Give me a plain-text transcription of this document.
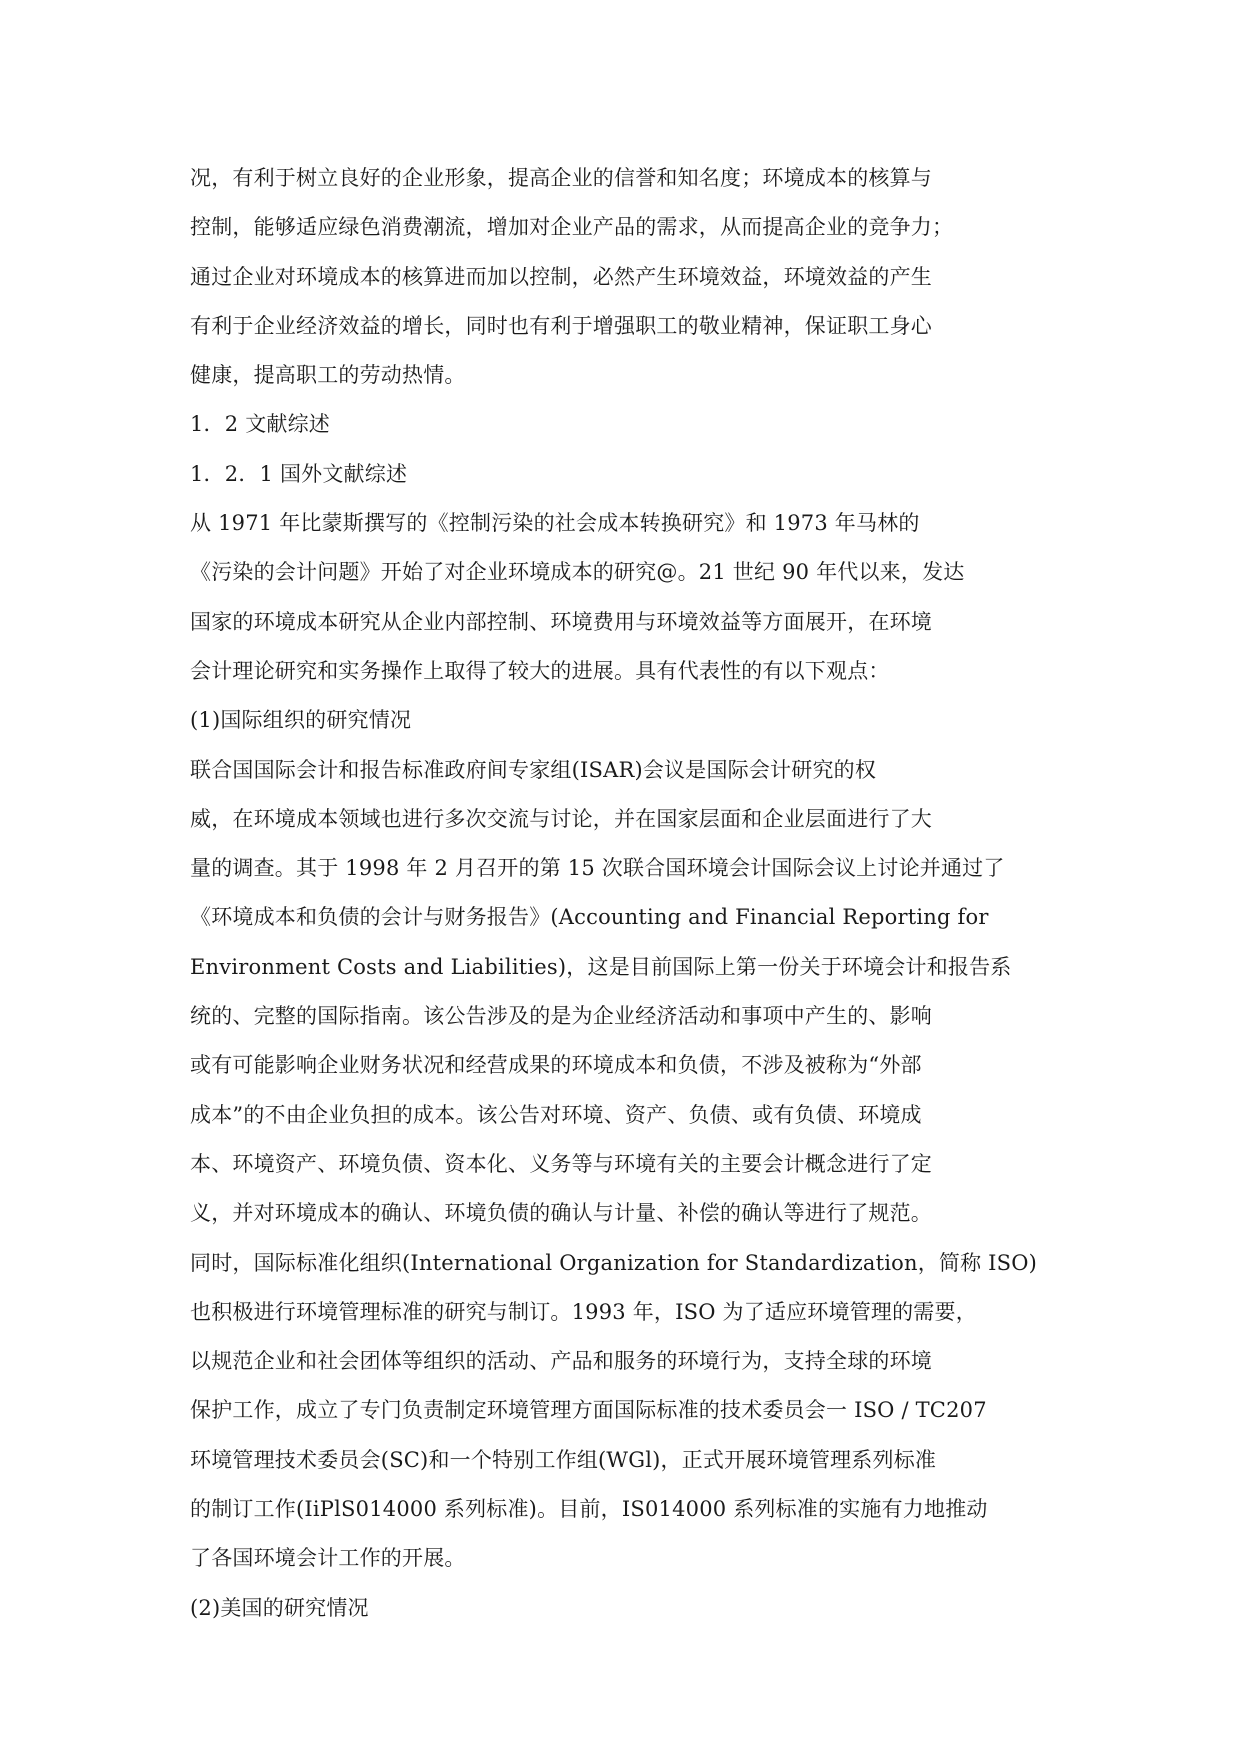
况，有利于树立良好的企业形象，提高企业的信誉和知名度；环境成本的核算与
控制，能够适应绿色消费潮流，增加对企业产品的需求，从而提高企业的竞争力；
通过企业对环境成本的核算进而加以控制，必然产生环境效益，环境效益的产生
有利于企业经济效益的增长，同时也有利于增强职工的敬业精神，保证职工身心
健康，提高职工的劳动热情。
1．2 文献综述
1．2．1 国外文献综述
从 1971 年比蒙斯撰写的《控制污染的社会成本转换研究》和 1973 年马林的
《污染的会计问题》开始了对企业环境成本的研究@。21 世纪 90 年代以来，发达
国家的环境成本研究从企业内部控制、环境费用与环境效益等方面展开，在环境
会计理论研究和实务操作上取得了较大的进展。具有代表性的有以下观点：
(1)国际组织的研究情况
联合国国际会计和报告标准政府间专家组(ISAR)会议是国际会计研究的权
威，在环境成本领域也进行多次交流与讨论，并在国家层面和企业层面进行了大
量的调查。其于 1998 年 2 月召开的第 15 次联合国环境会计国际会议上讨论并通过了
《环境成本和负债的会计与财务报告》(Accounting and Financial Reporting for
Environment Costs and Liabilities)，这是目前国际上第一份关于环境会计和报告系
统的、完整的国际指南。该公告涉及的是为企业经济活动和事项中产生的、影响
或有可能影响企业财务状况和经营成果的环境成本和负债，不涉及被称为“外部
成本”的不由企业负担的成本。该公告对环境、资产、负债、或有负债、环境成
本、环境资产、环境负债、资本化、义务等与环境有关的主要会计概念进行了定
义，并对环境成本的确认、环境负债的确认与计量、补偿的确认等进行了规范。
同时，国际标准化组织(International Organization for Standardization，简称 ISO)
也积极进行环境管理标准的研究与制订。1993 年，ISO 为了适应环境管理的需要，
以规范企业和社会团体等组织的活动、产品和服务的环境行为，支持全球的环境
保护工作，成立了专门负责制定环境管理方面国际标准的技术委员会一 ISO / TC207
环境管理技术委员会(SC)和一个特别工作组(WGl)，正式开展环境管理系列标准
的制订工作(IiPlS014000 系列标准)。目前，IS014000 系列标准的实施有力地推动
了各国环境会计工作的开展。
(2)美国的研究情况
